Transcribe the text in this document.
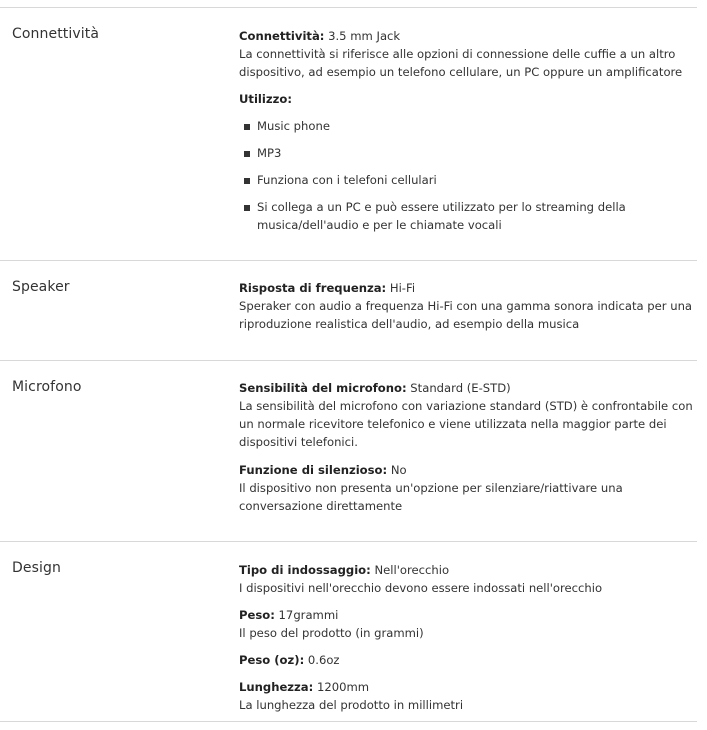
Connettività	Connettività: 3.5 mm Jack
La connettività si riferisce alle opzioni di connessione delle cuffie a un altro dispositivo, ad esempio un telefono cellulare, un PC oppure un amplificatore
Utilizzo:
Music phone
MP3
Funziona con i telefoni cellulari
Si collega a un PC e può essere utilizzato per lo streaming della musica/dell'audio e per le chiamate vocali
Speaker	Risposta di frequenza: Hi-Fi
Speraker con audio a frequenza Hi-Fi con una gamma sonora indicata per una riproduzione realistica dell'audio, ad esempio della musica
Microfono	Sensibilità del microfono: Standard (E-STD)
La sensibilità del microfono con variazione standard (STD) è confrontabile con un normale ricevitore telefonico e viene utilizzata nella maggior parte dei dispositivi telefonici.
Funzione di silenzioso: No
Il dispositivo non presenta un'opzione per silenziare/riattivare una conversazione direttamente
Design	Tipo di indossaggio: Nell'orecchio
I dispositivi nell'orecchio devono essere indossati nell'orecchio
Peso: 17grammi
Il peso del prodotto (in grammi)
Peso (oz): 0.6oz
Lunghezza: 1200mm
La lunghezza del prodotto in millimetri
